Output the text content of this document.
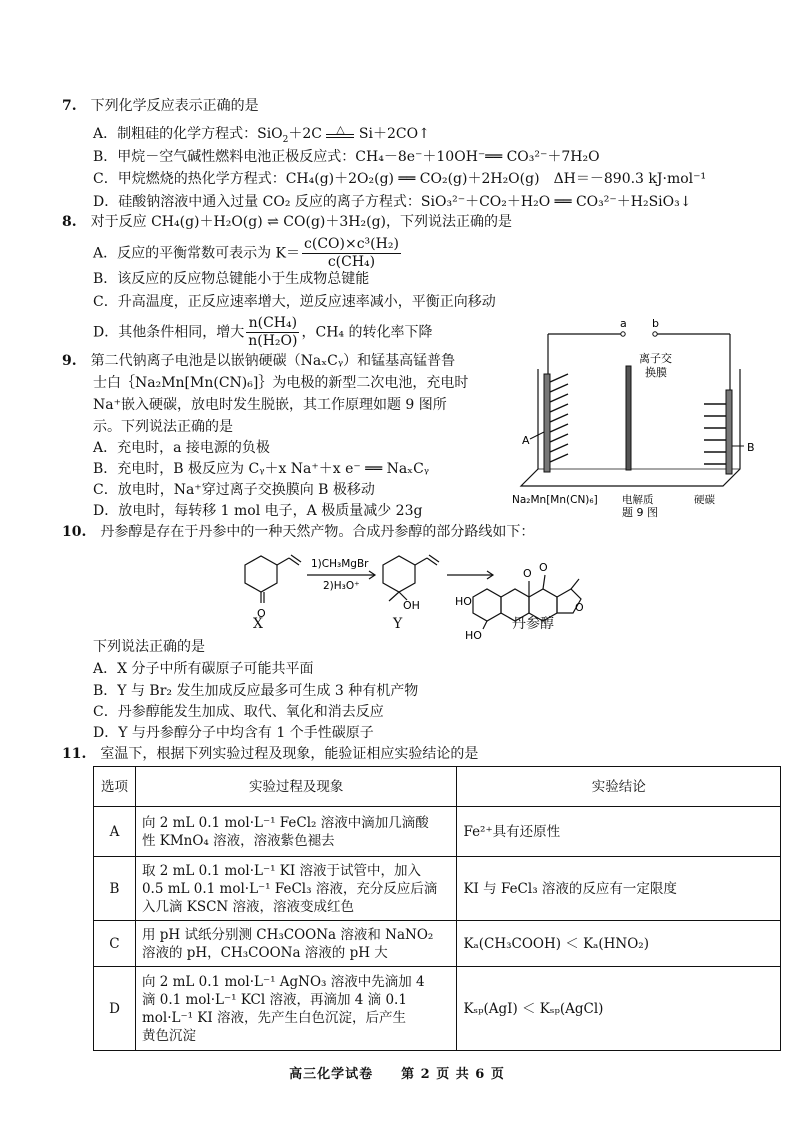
7.　 下列化学反应表示正确的是
A．制粗硅的化学方程式：SiO$_2$＋2C	△	Si＋2CO↑
B．甲烷－空气碱性燃料电池正极反应式：CH₄－8e⁻＋10OH⁻══ CO₃²⁻＋7H₂O
C．甲烷燃烧的热化学方程式：CH₄(g)＋2O₂(g) ══ CO₂(g)＋2H₂O(g)　 ΔH＝－890.3 kJ·mol⁻¹
D．硅酸钠溶液中通入过量 CO₂ 反应的离子方程式：SiO₃²⁻＋CO₂＋H₂O ══ CO₃²⁻＋H₂SiO₃↓
8.　 对于反应 CH₄(g)＋H₂O(g) ⇌ CO(g)＋3H₂(g)，下列说法正确的是
A．反应的平衡常数可表示为 $K= \frac{\text{c(CO)×c³(H₂)}}{\text{c(CH₄)}}$
B．该反应的反应物总键能小于生成物总键能
C．升高温度，正反应速率增大，逆反应速率减小，平衡正向移动
D．其他条件相同，增大 $\frac{\text{n(CH₄)}}{\text{n(H₂O)}}$ ，CH₄ 的转化率下降
9.　 第二代钠离子电池是以嵌钠硬碳（NaₓCᵧ）和锰基高锰普鲁
士白｛Na₂Mn[Mn(CN)₆]｝为电极的新型二次电池，充电时
Na⁺嵌入硬碳，放电时发生脱嵌，其工作原理如题 9 图所
示。下列说法正确的是
A．充电时，a 接电源的负极
B．充电时，B 极反应为 Cᵧ＋x Na⁺＋x e⁻ ══ NaₓCᵧ
C．放电时，Na⁺穿过离子交换膜向 B 极移动
D．放电时，每转移 1 mol 电子，A 极质量减少 23g
a b
A
离子交
换膜
B
Na₂Mn[Mn(CN)₆] 电解质	硬碳
题 9 图
10.　 丹参醇是存在于丹参中的一种天然产物。合成丹参醇的部分路线如下：
O
OH
1)CH₃MgBr
2)H₃O⁺
O O
O
HO
HO
X	Y	丹参醇
下列说法正确的是
A．X 分子中所有碳原子可能共平面
B．Y 与 Br₂ 发生加成反应最多可生成 3 种有机产物
C．丹参醇能发生加成、取代、氧化和消去反应
D．Y 与丹参醇分子中均含有 1 个手性碳原子
11.　 室温下，根据下列实验过程及现象，能验证相应实验结论的是
选项	实验过程及现象	实验结论
A	向 2 mL 0.1 mol·L⁻¹ FeCl₂ 溶液中滴加几滴酸
性 KMnO₄ 溶液，溶液紫色褪去	Fe²⁺具有还原性
B	取 2 mL 0.1 mol·L⁻¹ KI 溶液于试管中，加入
0.5 mL 0.1 mol·L⁻¹ FeCl₃ 溶液，充分反应后滴
入几滴 KSCN 溶液，溶液变成红色	KI 与 FeCl₃ 溶液的反应有一定限度
C	用 pH 试纸分别测 CH₃COONa 溶液和 NaNO₂
溶液的 pH，CH₃COONa 溶液的 pH 大	Kₐ(CH₃COOH) ＜ Kₐ(HNO₂)
D	向 2 mL 0.1 mol·L⁻¹ AgNO₃ 溶液中先滴加 4
滴 0.1 mol·L⁻¹ KCl 溶液，再滴加 4 滴 0.1
mol·L⁻¹ KI 溶液，先产生白色沉淀，后产生
黄色沉淀	Kₛₚ(AgI) ＜ Kₛₚ(AgCl)
高三化学试卷　　第 2 页 共 6 页
